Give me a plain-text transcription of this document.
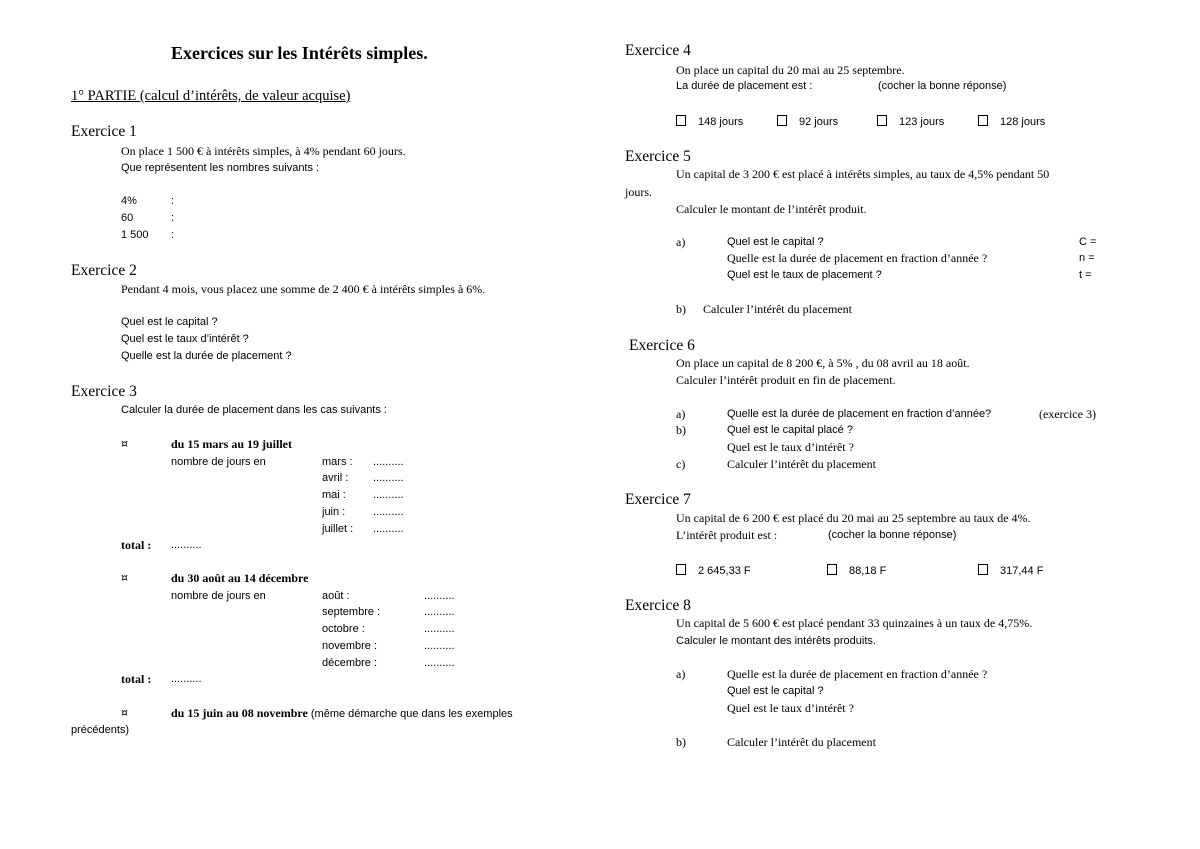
Exercices sur les Intérêts simples.
1° PARTIE (calcul d’intérêts, de valeur acquise)
Exercice 1
On place 1 500 € à intérêts simples, à 4% pendant 60 jours.
Que représentent les nombres suivants :
4%	:
60	:
1 500 :
Exercice 2
Pendant 4 mois, vous placez une somme de 2 400 € à intérêts simples à 6%.
Quel est le capital ?
Quel est le taux d’intérêt ?
Quelle est la durée de placement ?
Exercice 3
Calculer la durée de placement dans les cas suivants :
¤	du 15 mars au 19 juillet
nombre de jours en	mars : ..........
avril : ..........
mai : ..........
juin :	..........
juillet : ..........
total : ..........
¤	du 30 août au 14 décembre
nombre de jours en	août :	..........
septembre :	..........
octobre :	..........
novembre :	..........
décembre :	..........
total : ..........
¤	du 15 juin au 08 novembre (même démarche que dans les exemples
précédents)
Exercice 4
On place un capital du 20 mai au 25 septembre.
La durée de placement est :	(cocher la bonne réponse)
148 jours	92 jours	123 jours	128 jours
Exercice 5
Un capital de 3 200 € est placé à intérêts simples, au taux de 4,5% pendant 50
jours.
Calculer le montant de l’intérêt produit.
a)	Quel est le capital ?	C =
Quelle est la durée de placement en fraction d’année ?	n =
Quel est le taux de placement ?	t =
b) Calculer l’intérêt du placement
Exercice 6
On place un capital de 8 200 €, à 5% , du 08 avril au 18 août.
Calculer l’intérêt produit en fin de placement.
a)	Quelle est la durée de placement en fraction d’année?	(exercice 3)
b)	Quel est le capital placé ?
Quel est le taux d’intérêt ?
c)	Calculer l’intérêt du placement
Exercice 7
Un capital de 6 200 € est placé du 20 mai au 25 septembre au taux de 4%.
L’intérêt produit est :	(cocher la bonne réponse)
2 645,33 F	88,18 F	317,44 F
Exercice 8
Un capital de 5 600 € est placé pendant 33 quinzaines à un taux de 4,75%.
Calculer le montant des intérêts produits.
a)	Quelle est la durée de placement en fraction d’année ?
Quel est le capital ?
Quel est le taux d’intérêt ?
b)	Calculer l’intérêt du placement
